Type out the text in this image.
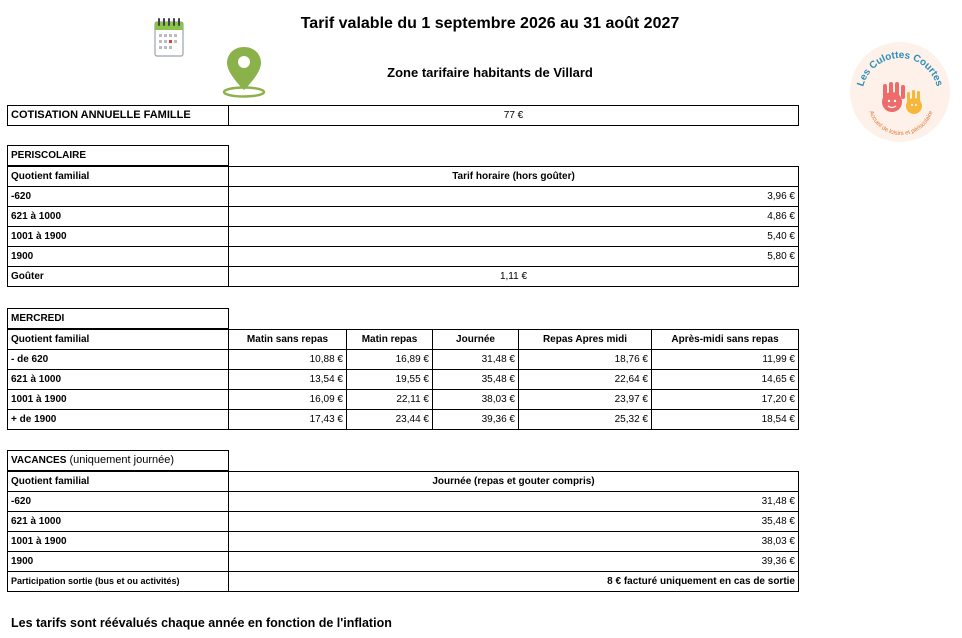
Tarif valable du 1 septembre 2026 au 31 août 2027
Zone tarifaire habitants de Villard
Les Culottes Courtes
Accueil de loisirs et périscolaire
COTISATION ANNUELLE FAMILLE	77 €
PERISCOLAIRE
Quotient familial	Tarif horaire (hors goûter)
-620	3,96 €
621 à 1000	4,86 €
1001 à 1900	5,40 €
1900	5,80 €
Goûter	1,11 €
MERCREDI
Quotient familial	Matin sans repas	Matin repas	Journée	Repas Apres midi	Après-midi sans repas
- de 620	10,88 €	16,89 €	31,48 €	18,76 €	11,99 €
621 à 1000	13,54 €	19,55 €	35,48 €	22,64 €	14,65 €
1001 à 1900	16,09 €	22,11 €	38,03 €	23,97 €	17,20 €
+ de 1900	17,43 €	23,44 €	39,36 €	25,32 €	18,54 €
VACANCES (uniquement journée)
Quotient familial	Journée (repas et gouter compris)
-620	31,48 €
621 à 1000	35,48 €
1001 à 1900	38,03 €
1900	39,36 €
Participation sortie (bus et ou activités)	8 € facturé uniquement en cas de sortie
Les tarifs sont réévalués chaque année en fonction de l'inflation
